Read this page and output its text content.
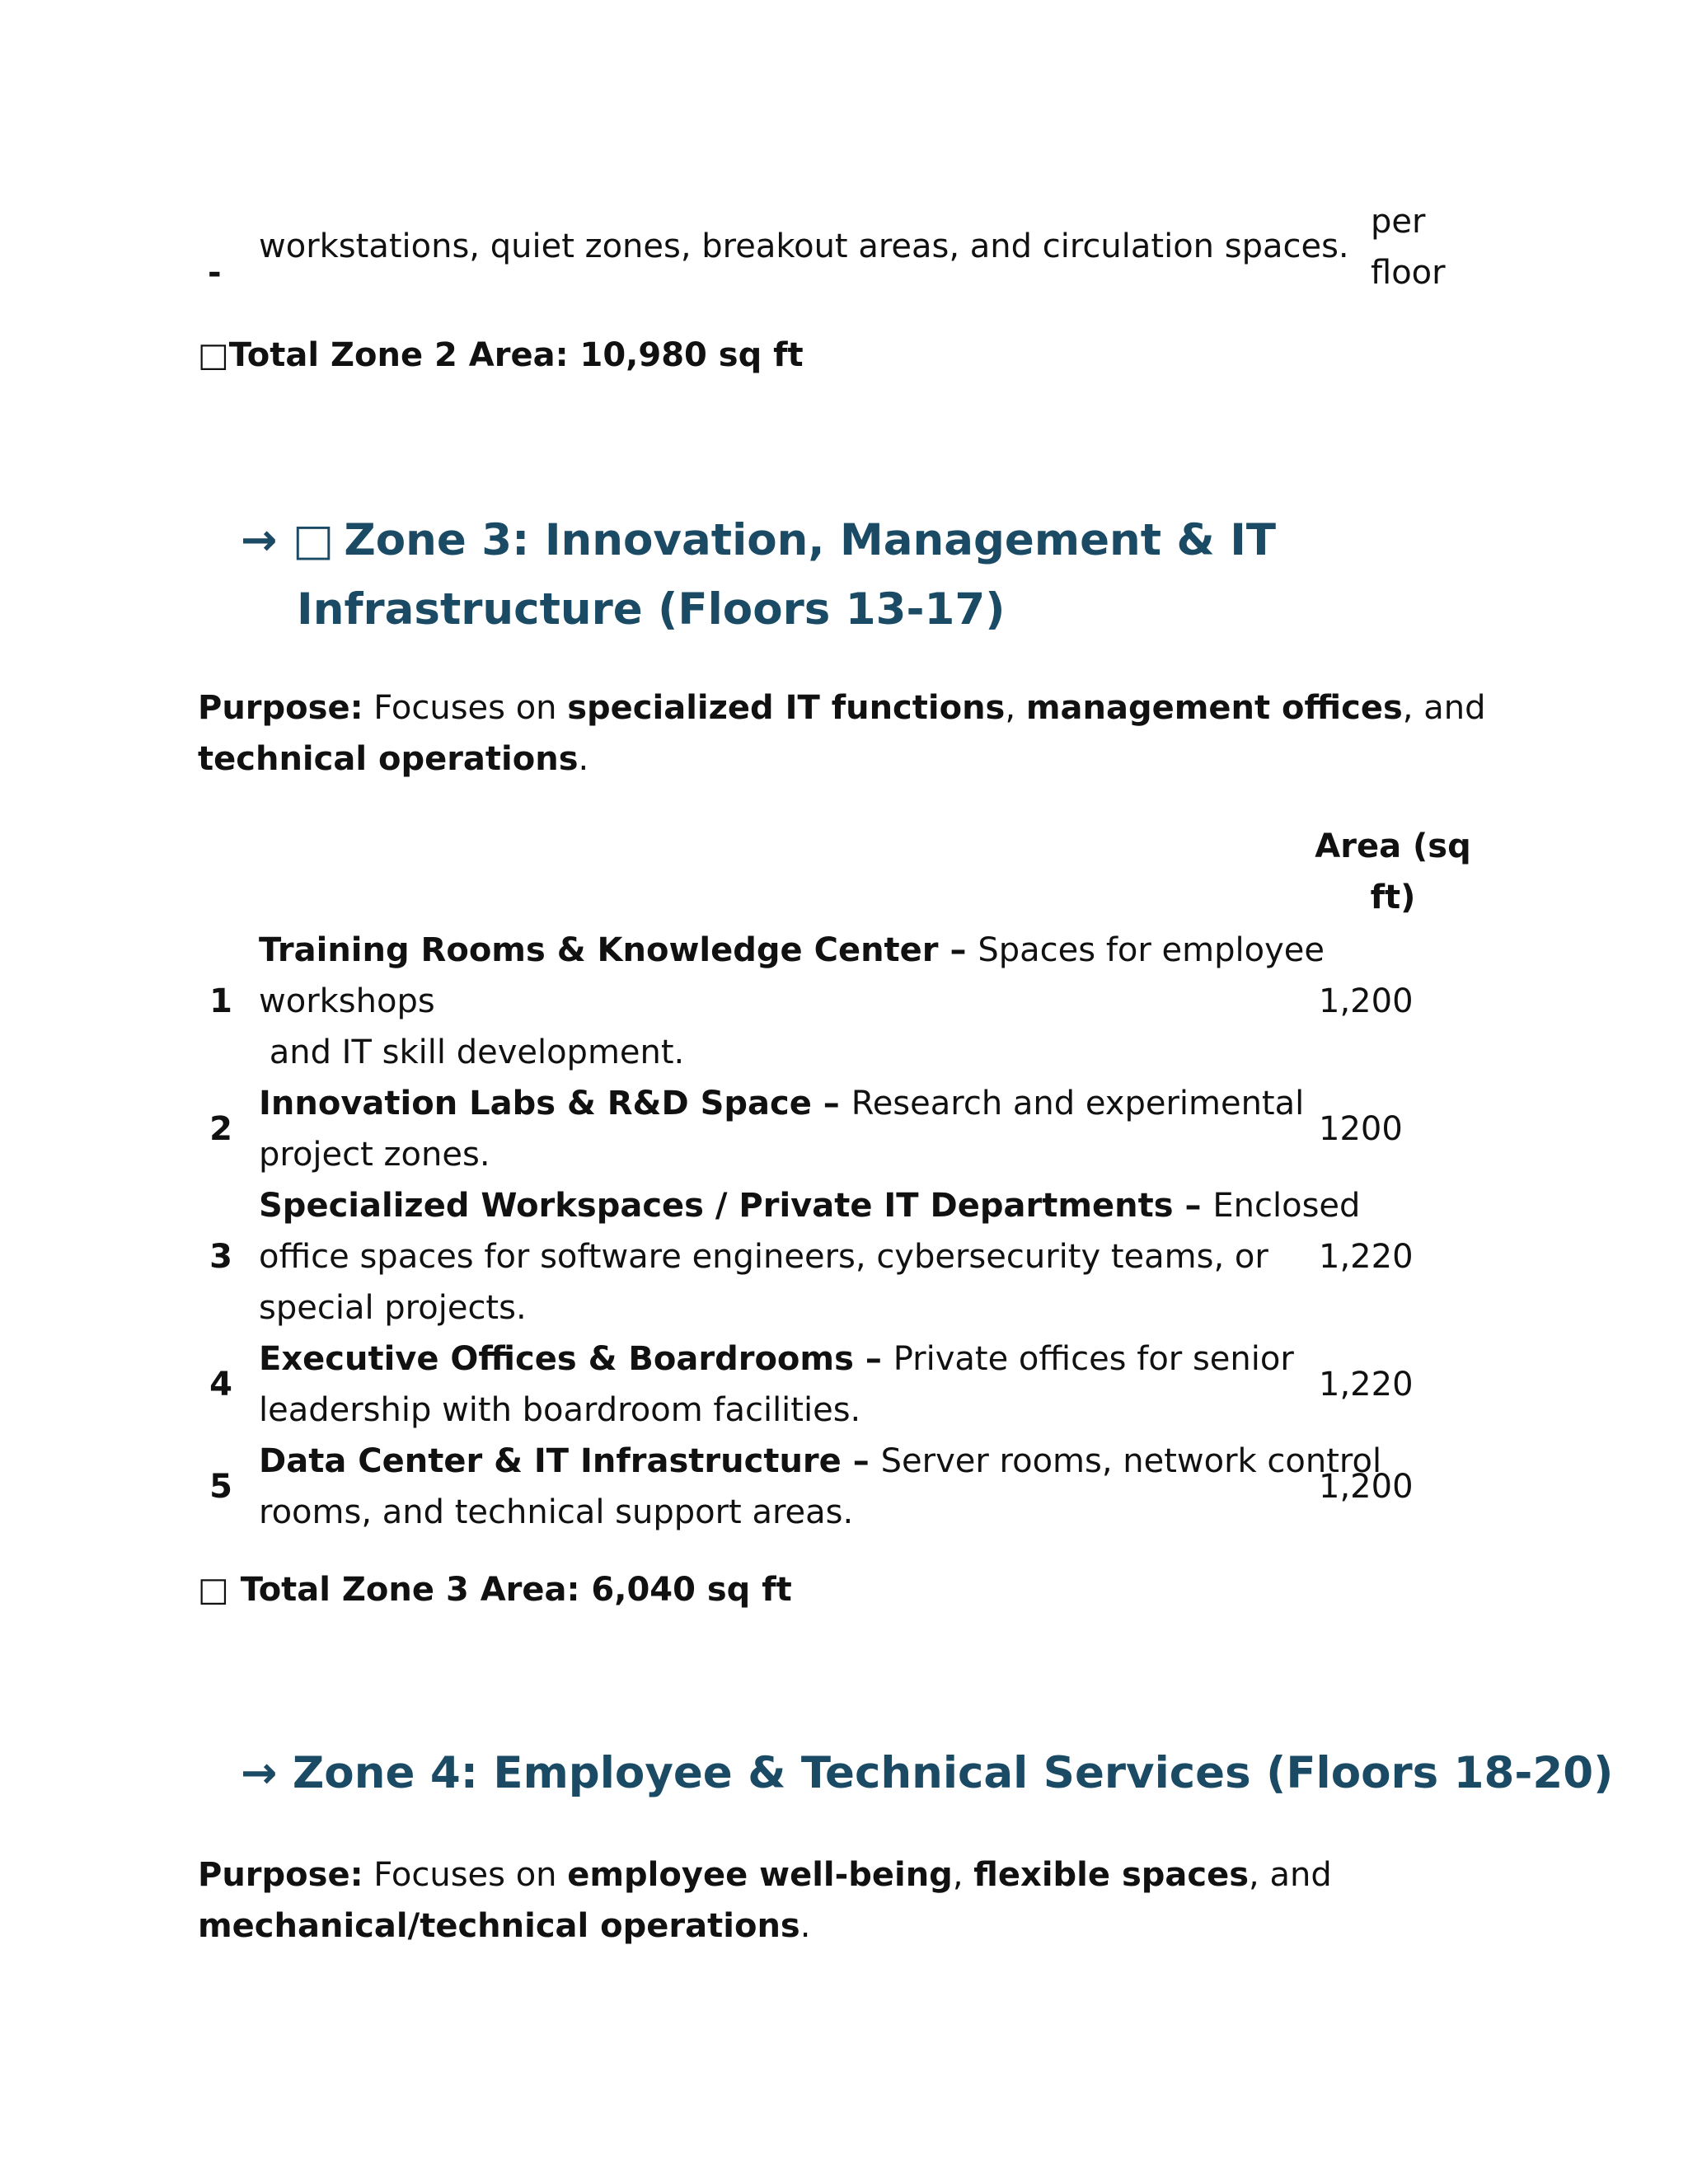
-
workstations, quiet zones, breakout areas, and circulation spaces.
per
floor
□Total Zone 2 Area: 10,980 sq ft
→ □ Zone 3: Innovation, Management & IT
Infrastructure (Floors 13-17)
Purpose: Focuses on specialized IT functions, management offices, and
technical operations.
Area (sq
ft)
1
Training Rooms & Knowledge Center – Spaces for employee
workshops
and IT skill development.
1,200
2
Innovation Labs & R&D Space – Research and experimental
project zones.
1200
3
Specialized Workspaces / Private IT Departments – Enclosed
office spaces for software engineers, cybersecurity teams, or
special projects.
1,220
4
Executive Offices & Boardrooms – Private offices for senior
leadership with boardroom facilities.
1,220
5
Data Center & IT Infrastructure – Server rooms, network control
rooms, and technical support areas.
1,200
□ Total Zone 3 Area: 6,040 sq ft
→ Zone 4: Employee & Technical Services (Floors 18-20)
Purpose: Focuses on employee well-being, flexible spaces, and
mechanical/technical operations.
